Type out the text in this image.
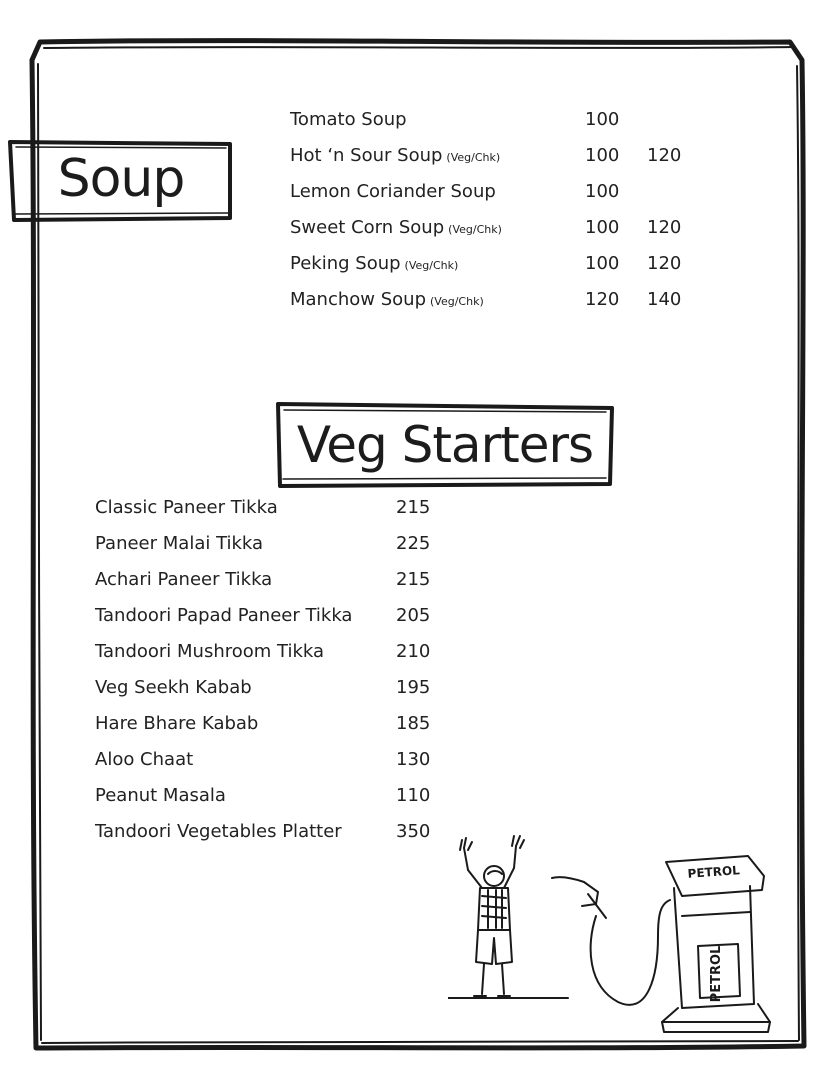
Soup
Tomato Soup	100
Hot ‘n Sour Soup (Veg/Chk)	100 120
Lemon Coriander Soup	100
Sweet Corn Soup (Veg/Chk)	100 120
Peking Soup (Veg/Chk)	100 120
Manchow Soup (Veg/Chk)	120 140
Veg Starters
Classic Paneer Tikka	215
Paneer Malai Tikka	225
Achari Paneer Tikka	215
Tandoori Papad Paneer Tikka 205
Tandoori Mushroom Tikka	210
Veg Seekh Kabab	195
Hare Bhare Kabab	185
Aloo Chaat	130
Peanut Masala	110
Tandoori Vegetables Platter	350
PETROL
PETROL
